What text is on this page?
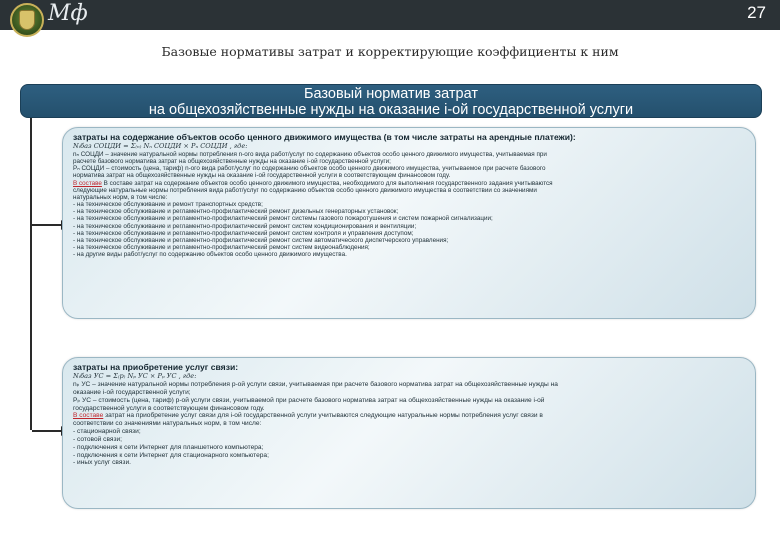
Мф	27
Базовые нормативы затрат и корректирующие коэффициенты к ним
Базовый норматив затрат
на общехозяйственные нужды на оказание i-ой государственной услуги
затраты на содержание объектов особо ценного движимого имущества (в том числе затраты на арендные платежи):
Nᵢбаз СОЦДИ = Σ₍ₙ₎ Nₙ СОЦДИ × Pₙ СОЦДИ , где:
nₙ СОЦДИ – значение натуральной нормы потребления n-ого вида работ/услуг по содержанию объектов особо ценного движимого имущества, учитываемая при
расчете базового норматива затрат на общехозяйственные нужды на оказание i-ой государственной услуги;
Pₙ СОЦДИ – стоимость (цена, тариф) n-ого вида работ/услуг по содержанию объектов особо ценного движимого имущества, учитываемое при расчете базового
норматива затрат на общехозяйственные нужды на оказание i-ой государственной услуги в соответствующем финансовом году.
В составе В составе затрат на содержание объектов особо ценного движимого имущества, необходимого для выполнения государственного задания учитываются
следующие натуральные нормы потребления вида работ/услуг по содержанию объектов особо ценного движимого имущества в соответствии со значениями
натуральных норм, в том числе:
- на техническое обслуживание и ремонт транспортных средств;
- на техническое обслуживание и регламентно-профилактический ремонт дизельных генераторных установок;
- на техническое обслуживание и регламентно-профилактический ремонт системы газового пожаротушения и систем пожарной сигнализации;
- на техническое обслуживание и регламентно-профилактический ремонт систем кондиционирования и вентиляции;
- на техническое обслуживание и регламентно-профилактический ремонт систем контроля и управления доступом;
- на техническое обслуживание и регламентно-профилактический ремонт систем автоматического диспетчерского управления;
- на техническое обслуживание и регламентно-профилактический ремонт систем видеонаблюдения;
- на другие виды работ/услуг по содержанию объектов особо ценного движимого имущества.
затраты на приобретение услуг связи:
Nᵢбаз УС = Σ₍p₎ Nₚ УС × Pₚ УС , где:
nₚ УС – значение натуральной нормы потребления p-ой услуги связи, учитываемая при расчете базового норматива затрат на общехозяйственные нужды на
оказание i-ой государственной услуги;
Pₚ УС – стоимость (цена, тариф) p-ой услуги связи, учитываемой при расчете базового норматива затрат на общехозяйственные нужды на оказание i-ой
государственной услуги в соответствующем финансовом году.
В составе затрат на приобретение услуг связи для i-ой государственной услуги учитываются следующие натуральные нормы потребления услуг связи в
соответствии со значениями натуральных норм, в том числе:
- стационарной связи;
- сотовой связи;
- подключения к сети Интернет для планшетного компьютера;
- подключения к сети Интернет для стационарного компьютера;
- иных услуг связи.
